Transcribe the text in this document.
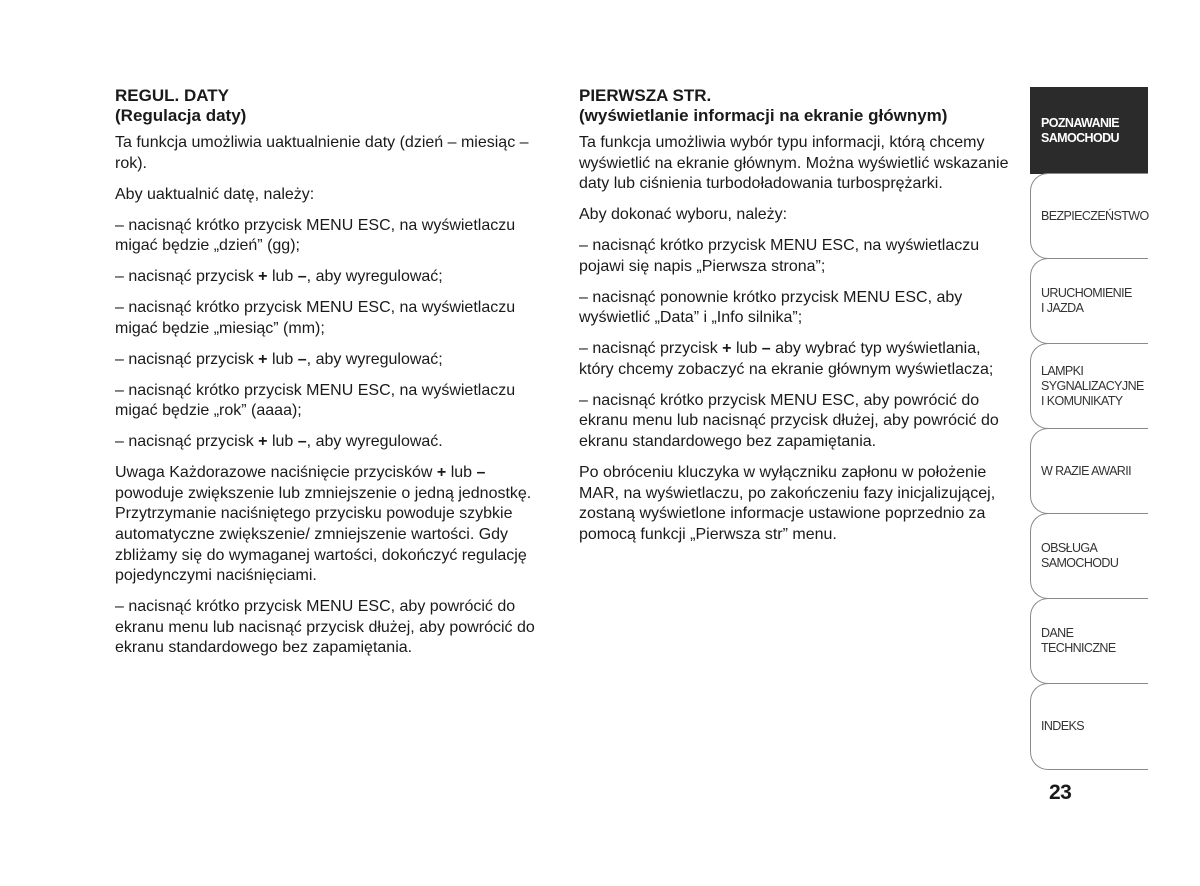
REGUL. DATY
(Regulacja daty)

Ta funkcja umożliwia uaktualnienie daty (dzień – miesiąc – rok).

Aby uaktualnić datę, należy:

– nacisnąć krótko przycisk MENU ESC, na wyświetlaczu migać będzie „dzień” (gg);

– nacisnąć przycisk + lub –, aby wyregulować;

– nacisnąć krótko przycisk MENU ESC, na wyświetlaczu migać będzie „miesiąc” (mm);

– nacisnąć przycisk + lub –, aby wyregulować;

– nacisnąć krótko przycisk MENU ESC, na wyświetlaczu migać będzie „rok” (aaaa);

– nacisnąć przycisk + lub –, aby wyregulować.

Uwaga Każdorazowe naciśnięcie przycisków + lub – powoduje zwiększenie lub zmniejszenie o jedną jednostkę. Przytrzymanie naciśniętego przycisku powoduje szybkie automatyczne zwiększenie/ zmniejszenie wartości. Gdy zbliżamy się do wymaganej wartości, dokończyć regulację pojedynczymi naciśnięciami.

– nacisnąć krótko przycisk MENU ESC, aby powrócić do ekranu menu lub nacisnąć przycisk dłużej, aby powrócić do ekranu standardowego bez zapamiętania.

PIERWSZA STR.
(wyświetlanie informacji na ekranie głównym)

Ta funkcja umożliwia wybór typu informacji, którą chcemy wyświetlić na ekranie głównym. Można wyświetlić wskazanie daty lub ciśnienia turbodoładowania turbosprężarki.

Aby dokonać wyboru, należy:

– nacisnąć krótko przycisk MENU ESC, na wyświetlaczu pojawi się napis „Pierwsza strona”;

– nacisnąć ponownie krótko przycisk MENU ESC, aby wyświetlić „Data” i „Info silnika”;

– nacisnąć przycisk + lub – aby wybrać typ wyświetlania, który chcemy zobaczyć na ekranie głównym wyświetlacza;

– nacisnąć krótko przycisk MENU ESC, aby powrócić do ekranu menu lub nacisnąć przycisk dłużej, aby powrócić do ekranu standardowego bez zapamiętania.

Po obróceniu kluczyka w wyłączniku zapłonu w położenie MAR, na wyświetlaczu, po zakończeniu fazy inicjalizującej, zostaną wyświetlone informacje ustawione poprzednio za pomocą funkcji „Pierwsza str” menu.

POZNAWANIE
SAMOCHODU
BEZPIECZEŃSTWO
URUCHOMIENIE
I JAZDA
LAMPKI
SYGNALIZACYJNE
I KOMUNIKATY
W RAZIE AWARII
OBSŁUGA
SAMOCHODU
DANE
TECHNICZNE
INDEKS
23
